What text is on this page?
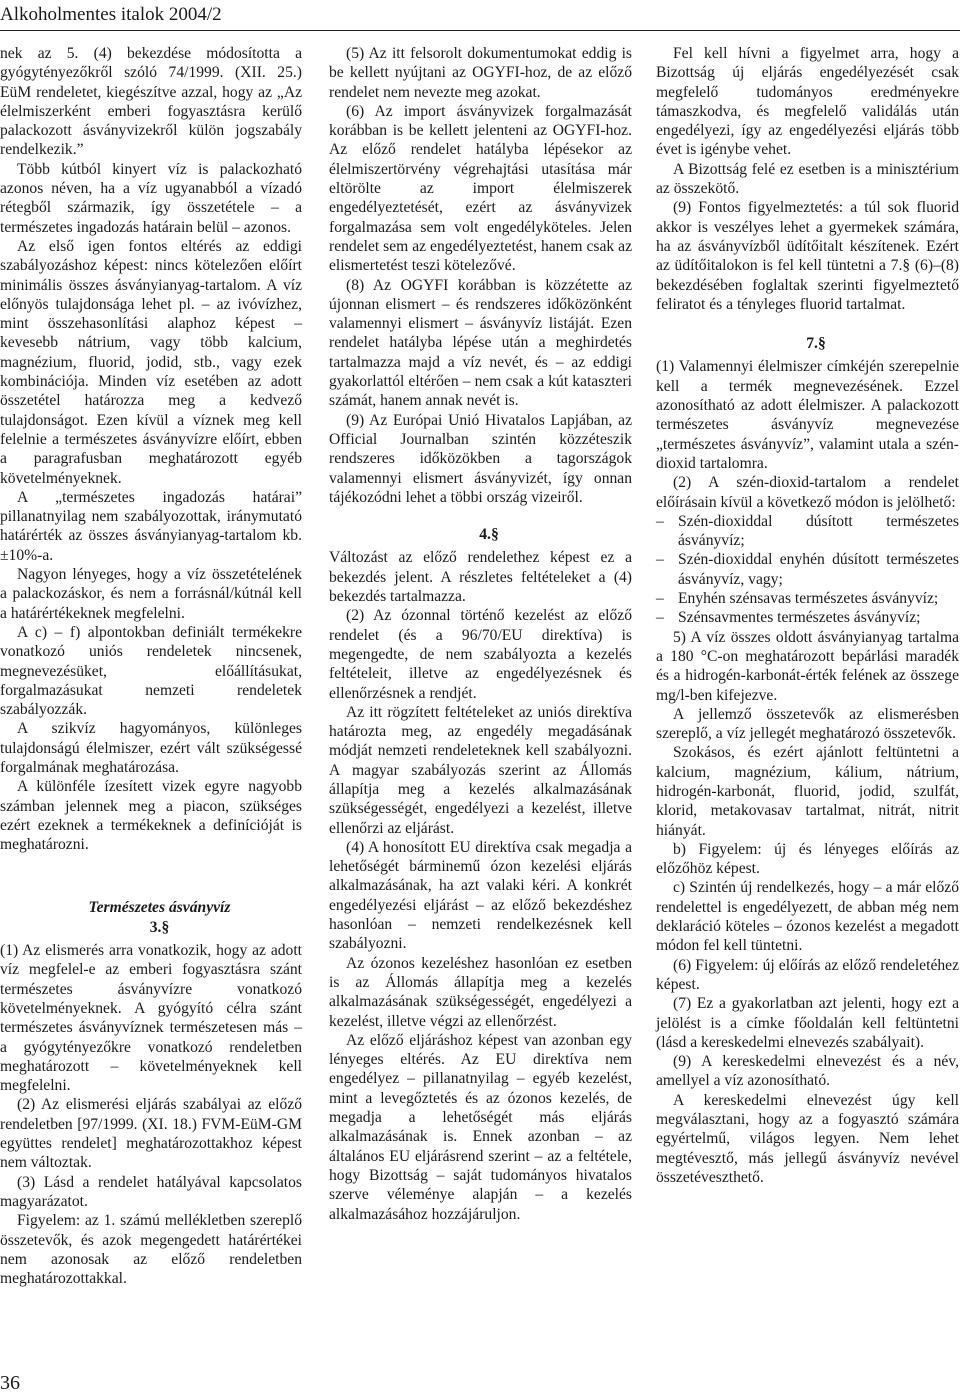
Alkoholmentes italok 2004/2

nek az 5. (4) bekezdése módosította a gyógytényezőkről szóló 74/1999. (XII. 25.) EüM rendeletet, kiegészítve azzal, hogy az „Az élelmiszerként emberi fogyasztásra kerülő palackozott ásványvizekről külön jogszabály rendelkezik.”

Több kútból kinyert víz is palackozható azonos néven, ha a víz ugyanabból a vízadó rétegből származik, így összetétele – a természetes ingadozás határain belül – azonos.

Az első igen fontos eltérés az eddigi szabályozáshoz képest: nincs kötelezően előírt minimális összes ásványianyag-tartalom. A víz előnyös tulajdonsága lehet pl. – az ivóvízhez, mint összehasonlítási alaphoz képest – kevesebb nátrium, vagy több kalcium, magnézium, fluorid, jodid, stb., vagy ezek kombinációja. Minden víz esetében az adott összetétel határozza meg a kedvező tulajdonságot. Ezen kívül a víznek meg kell felelnie a természetes ásványvízre előírt, ebben a paragrafusban meghatározott egyéb követelményeknek.

A „természetes ingadozás határai” pillanatnyilag nem szabályozottak, iránymutató határérték az összes ásványianyag-tartalom kb. ±10%-a.

Nagyon lényeges, hogy a víz összetételének a palackozáskor, és nem a forrásnál/kútnál kell a határértékeknek megfelelni.

A c) – f) alpontokban definiált termékekre vonatkozó uniós rendeletek nincsenek, megnevezésüket, előállításukat, forgalmazásukat nemzeti rendeletek szabályozzák.

A szikvíz hagyományos, különleges tulajdonságú élelmiszer, ezért vált szükségessé forgalmának meghatározása.

A különféle ízesített vizek egyre nagyobb számban jelennek meg a piacon, szükséges ezért ezeknek a termékeknek a definícióját is meghatározni.

Természetes ásványvíz

3.§

(1) Az elismerés arra vonatkozik, hogy az adott víz megfelel-e az emberi fogyasztásra szánt természetes ásványvízre vonatkozó követelményeknek. A gyógyító célra szánt természetes ásványvíznek természetesen más – a gyógytényezőkre vonatkozó rendeletben meghatározott – követelményeknek kell megfelelni.

(2) Az elismerési eljárás szabályai az előző rendeletben [97/1999. (XI. 18.) FVM-EüM-GM együttes rendelet] meghatározottakhoz képest nem változtak.

(3) Lásd a rendelet hatályával kapcsolatos magyarázatot.

Figyelem: az 1. számú mellékletben szereplő összetevők, és azok megengedett határértékei nem azonosak az előző rendeletben meghatározottakkal.

(5) Az itt felsorolt dokumentumokat eddig is be kellett nyújtani az OGYFI-hoz, de az előző rendelet nem nevezte meg azokat.

(6) Az import ásványvizek forgalmazását korábban is be kellett jelenteni az OGYFI-hoz. Az előző rendelet hatályba lépésekor az élelmiszertörvény végrehajtási utasítása már eltörölte az import élelmiszerek engedélyeztetését, ezért az ásványvizek forgalmazása sem volt engedélyköteles. Jelen rendelet sem az engedélyeztetést, hanem csak az elismertetést teszi kötelezővé.

(8) Az OGYFI korábban is közzétette az újonnan elismert – és rendszeres időközönként valamennyi elismert – ásványvíz listáját. Ezen rendelet hatályba lépése után a meghirdetés tartalmazza majd a víz nevét, és – az eddigi gyakorlattól eltérően – nem csak a kút kataszteri számát, hanem annak nevét is.

(9) Az Európai Unió Hivatalos Lapjában, az Official Journalban szintén közzéteszik rendszeres időközökben a tagországok valamennyi elismert ásványvizét, így onnan tájékozódni lehet a többi ország vizeiről.

4.§

Változást az előző rendelethez képest ez a bekezdés jelent. A részletes feltételeket a (4) bekezdés tartalmazza.

(2) Az ózonnal történő kezelést az előző rendelet (és a 96/70/EU direktíva) is megengedte, de nem szabályozta a kezelés feltételeit, illetve az engedélyezésnek és ellenőrzésnek a rendjét.

Az itt rögzített feltételeket az uniós direktíva határozta meg, az engedély megadásának módját nemzeti rendeleteknek kell szabályozni. A magyar szabályozás szerint az Állomás állapítja meg a kezelés alkalmazásának szükségességét, engedélyezi a kezelést, illetve ellenőrzi az eljárást.

(4) A honosított EU direktíva csak megadja a lehetőségét bárminemű ózon kezelési eljárás alkalmazásának, ha azt valaki kéri. A konkrét engedélyezési eljárást – az előző bekezdéshez hasonlóan – nemzeti rendelkezésnek kell szabályozni.

Az ózonos kezeléshez hasonlóan ez esetben is az Állomás állapítja meg a kezelés alkalmazásának szükségességét, engedélyezi a kezelést, illetve végzi az ellenőrzést.

Az előző eljáráshoz képest van azonban egy lényeges eltérés. Az EU direktíva nem engedélyez – pillanatnyilag – egyéb kezelést, mint a levegőztetés és az ózonos kezelés, de megadja a lehetőségét más eljárás alkalmazásának is. Ennek azonban – az általános EU eljárásrend szerint – az a feltétele, hogy Bizottság – saját tudományos hivatalos szerve véleménye alapján – a kezelés alkalmazásához hozzájáruljon.

Fel kell hívni a figyelmet arra, hogy a Bizottság új eljárás engedélyezését csak megfelelő tudományos eredményekre támaszkodva, és megfelelő validálás után engedélyezi, így az engedélyezési eljárás több évet is igénybe vehet.

A Bizottság felé ez esetben is a minisztérium az összekötő.

(9) Fontos figyelmeztetés: a túl sok fluorid akkor is veszélyes lehet a gyermekek számára, ha az ásványvízből üdítőitalt készítenek. Ezért az üdítőitalokon is fel kell tüntetni a 7.§ (6)–(8) bekezdésében foglaltak szerinti figyelmeztető feliratot és a tényleges fluorid tartalmat.

7.§

(1) Valamennyi élelmiszer címkéjén szerepelnie kell a termék megnevezésének. Ezzel azonosítható az adott élelmiszer. A palackozott természetes ásványvíz megnevezése „természetes ásványvíz”, valamint utala a szén-dioxid tartalomra.

(2) A szén-dioxid-tartalom a rendelet előírásain kívül a következő módon is jelölhető:

– Szén-dioxiddal dúsított természetes ásványvíz;
– Szén-dioxiddal enyhén dúsított természetes ásványvíz, vagy;
– Enyhén szénsavas természetes ásványvíz;
– Szénsavmentes természetes ásványvíz;

5) A víz összes oldott ásványianyag tartalma a 180 °C-on meghatározott bepárlási maradék és a hidrogén-karbonát-érték felének az összege mg/l-ben kifejezve.

A jellemző összetevők az elismerésben szereplő, a víz jellegét meghatározó összetevők.

Szokásos, és ezért ajánlott feltüntetni a kalcium, magnézium, kálium, nátrium, hidrogén-karbonát, fluorid, jodid, szulfát, klorid, metakovasav tartalmat, nitrát, nitrit hiányát.

b) Figyelem: új és lényeges előírás az előzőhöz képest.

c) Szintén új rendelkezés, hogy – a már előző rendelettel is engedélyezett, de abban még nem deklaráció köteles – ózonos kezelést a megadott módon fel kell tüntetni.

(6) Figyelem: új előírás az előző rendeletéhez képest.

(7) Ez a gyakorlatban azt jelenti, hogy ezt a jelölést is a címke főoldalán kell feltüntetni (lásd a kereskedelmi elnevezés szabályait).

(9) A kereskedelmi elnevezést és a név, amellyel a víz azonosítható.

A kereskedelmi elnevezést úgy kell megválasztani, hogy az a fogyasztó számára egyértelmű, világos legyen. Nem lehet megtévesztő, más jellegű ásványvíz nevével összetéveszthető.

36
